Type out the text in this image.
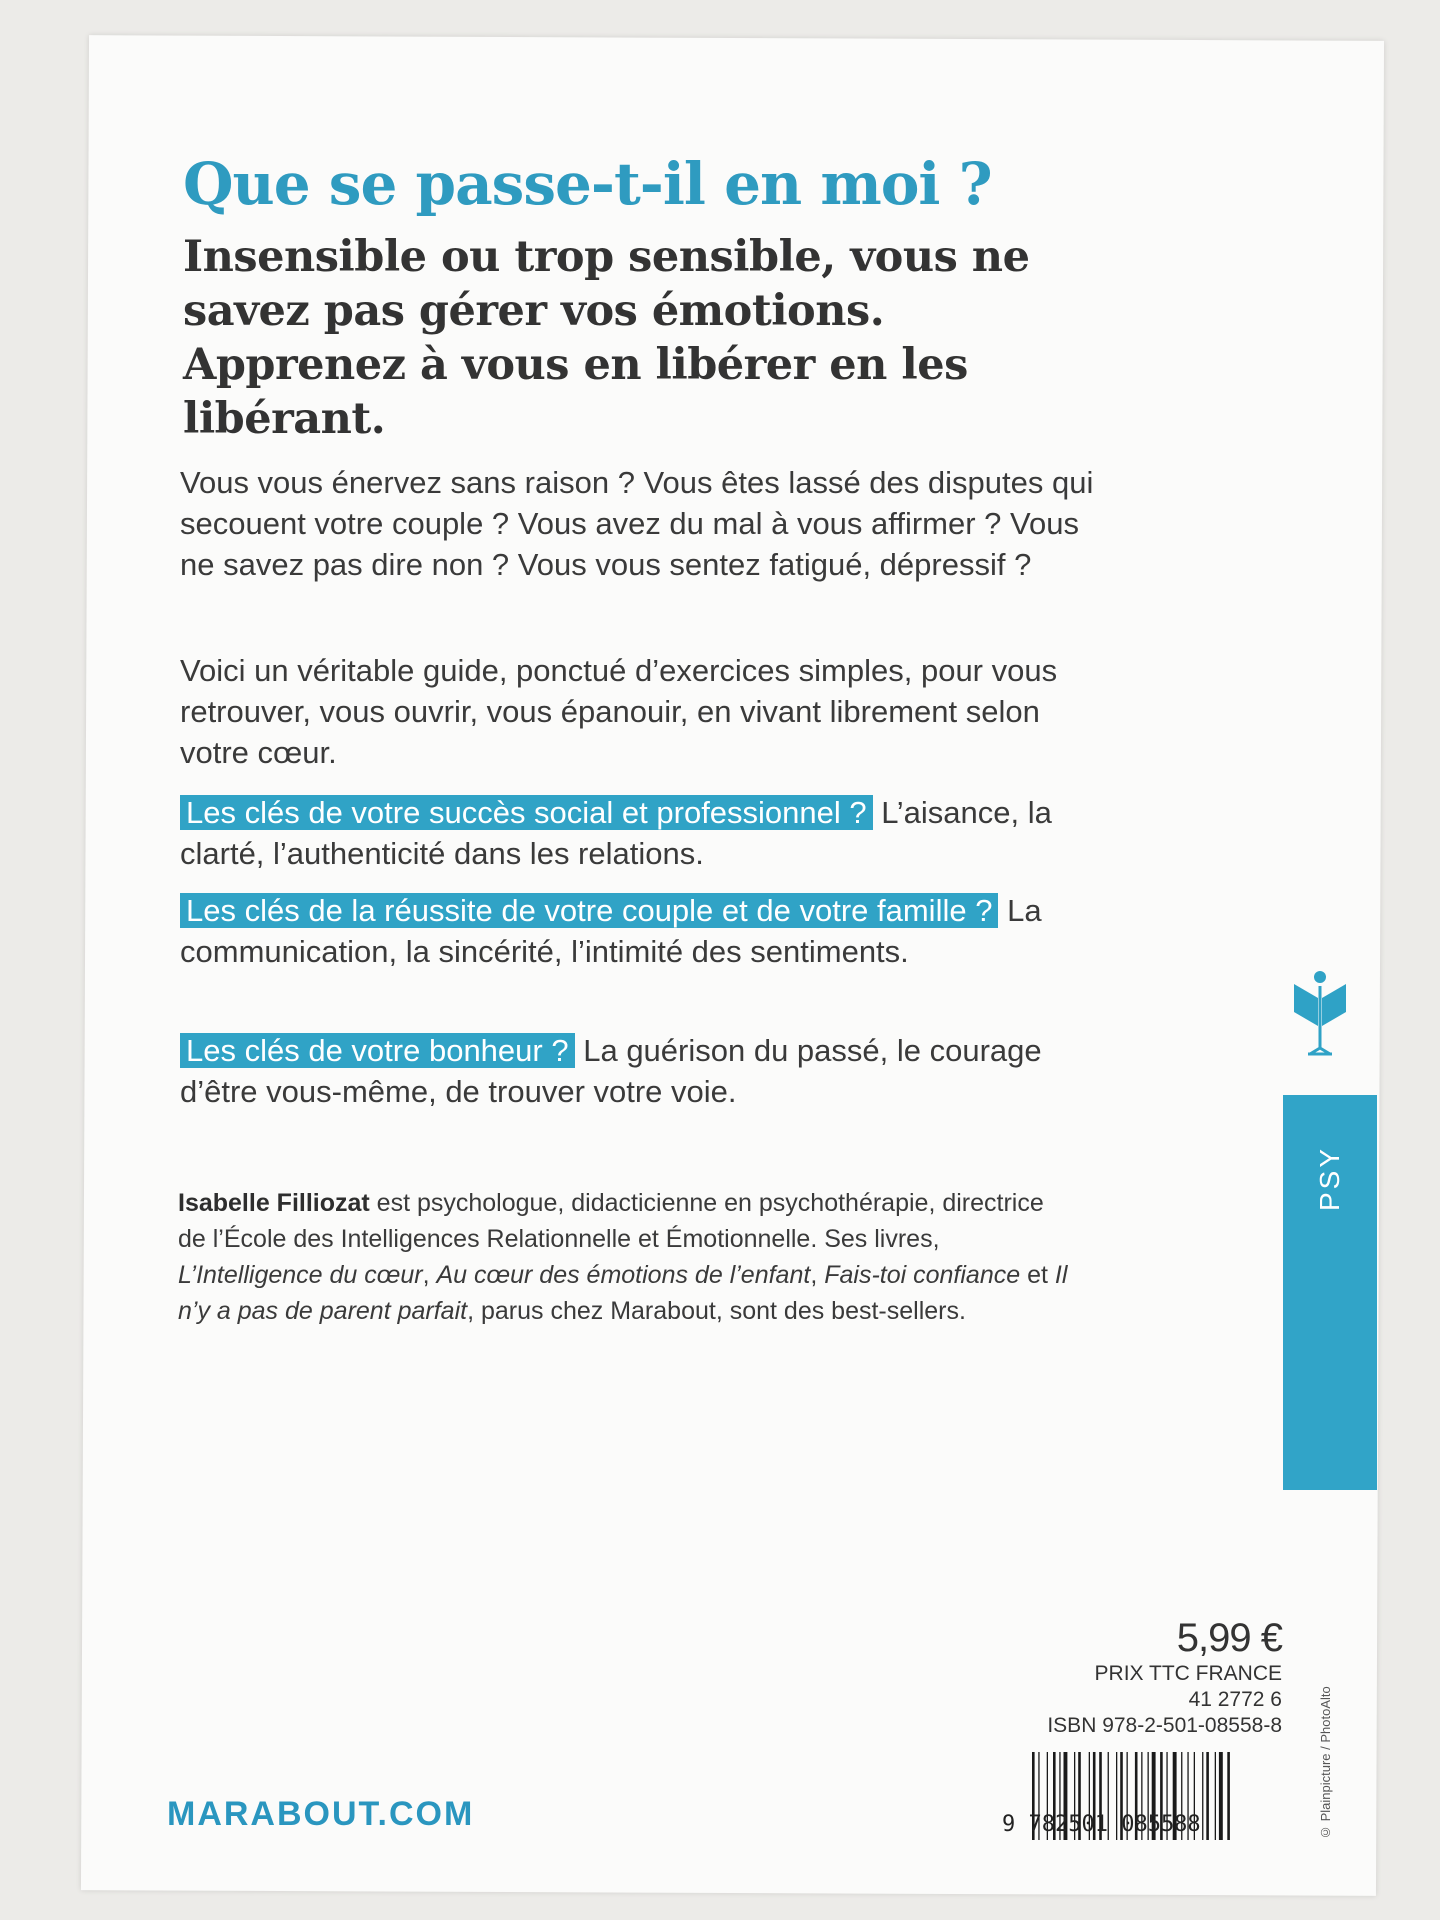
Que se passe-t-il en moi ?

Insensible ou trop sensible, vous ne savez pas gérer vos émotions. Apprenez à vous en libérer en les libérant.

Vous vous énervez sans raison ? Vous êtes lassé des disputes qui secouent votre couple ? Vous avez du mal à vous affirmer ? Vous ne savez pas dire non ? Vous vous sentez fatigué, dépressif ?

Voici un véritable guide, ponctué d’exercices simples, pour vous retrouver, vous ouvrir, vous épanouir, en vivant librement selon votre cœur.

Les clés de votre succès social et professionnel ? L’aisance, la clarté, l’authenticité dans les relations.

Les clés de la réussite de votre couple et de votre famille ? La communication, la sincérité, l’intimité des sentiments.

Les clés de votre bonheur ? La guérison du passé, le courage d’être vous-même, de trouver votre voie.

Isabelle Filliozat est psychologue, didacticienne en psychothérapie, directrice de l’École des Intelligences Relationnelle et Émotionnelle. Ses livres, L’Intelligence du cœur, Au cœur des émotions de l’enfant, Fais-toi confiance et Il n’y a pas de parent parfait, parus chez Marabout, sont des best-sellers.

PSY
5,99 €
PRIX TTC FRANCE
41 2772 6
ISBN 978-2-501-08558-8
9 782501 085588	© Plainpicture / PhotoAlto
MARABOUT.COM
